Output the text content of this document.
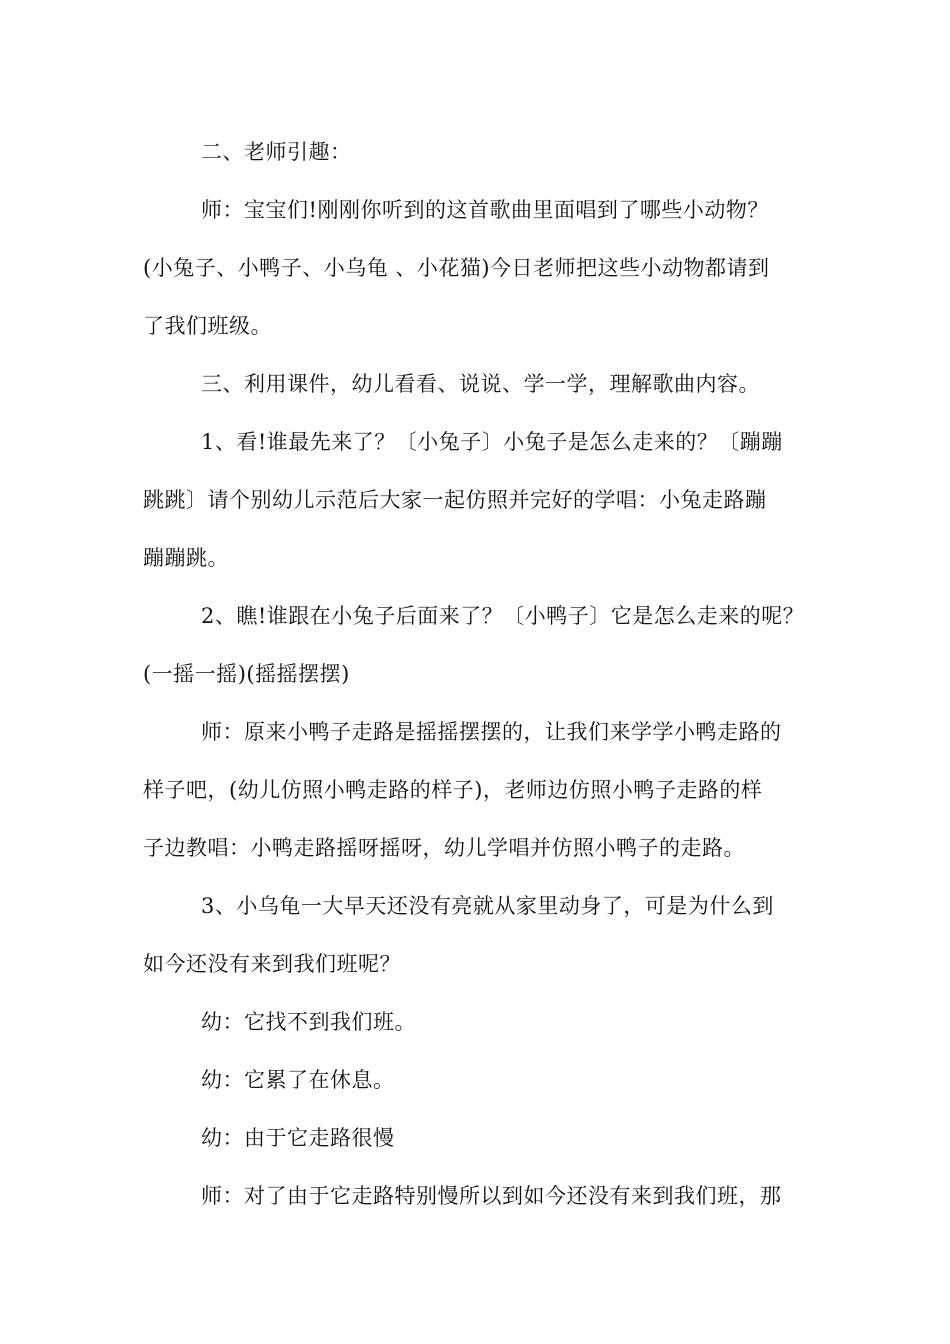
二、老师引趣：
师：宝宝们!刚刚你听到的这首歌曲里面唱到了哪些小动物？
(小兔子、小鸭子、小乌龟 、小花猫)今日老师把这些小动物都请到
了我们班级。
三、利用课件，幼儿看看、说说、学一学，理解歌曲内容。
1、看!谁最先来了？〔小兔子〕小兔子是怎么走来的？〔蹦蹦
跳跳〕请个别幼儿示范后大家一起仿照并完好的学唱：小兔走路蹦
蹦蹦跳。
2、瞧!谁跟在小兔子后面来了？〔小鸭子〕它是怎么走来的呢？
(一摇一摇)(摇摇摆摆)
师：原来小鸭子走路是摇摇摆摆的，让我们来学学小鸭走路的
样子吧，(幼儿仿照小鸭走路的样子)，老师边仿照小鸭子走路的样
子边教唱：小鸭走路摇呀摇呀，幼儿学唱并仿照小鸭子的走路。
3、小乌龟一大早天还没有亮就从家里动身了，可是为什么到
如今还没有来到我们班呢？
幼：它找不到我们班。
幼：它累了在休息。
幼：由于它走路很慢
师：对了由于它走路特别慢所以到如今还没有来到我们班，那
